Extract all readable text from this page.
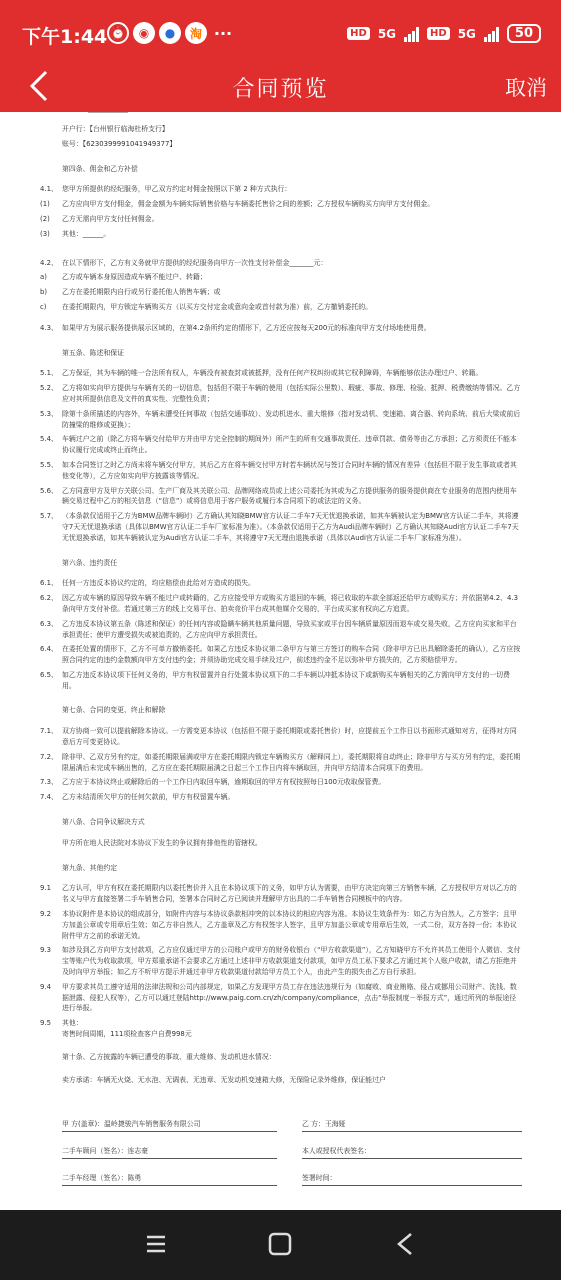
下午1:44 ⏰	◉	●	淘 ···	HD 5G	HD 5G	50
合同预览	取消
开户行：【台州银行临海杜桥支行】
账号：【6230399991041949377】
第四条、佣金和乙方补偿
4.1、 您甲方所提供的经纪服务，甲乙双方约定对佣金按照以下第 2 种方式执行：
(1)	乙方应向甲方支付佣金，佣金金额为车辆实际销售价格与车辆委托售价之间的差额；乙方授权车辆购买方向甲方支付佣金。
(2)	乙方无需向甲方支付任何佣金。
(3)	其他：______。
4.2、 在以下情形下，乙方有义务就甲方提供的经纪服务向甲方一次性支付补偿金_______元：
a)	乙方或车辆本身原因造成车辆不能过户、转籍；
b)	乙方在委托期限内自行或另行委托他人销售车辆；或
c)	在委托期限内，甲方锁定车辆购买方（以买方交付定金或意向金或首付款为准）前，乙方撤销委托的。
4.3、 如果甲方为展示服务提供展示区域的，在第4.2条所约定的情形下，乙方还应按每天200元的标准向甲方支付场地使用费。
第五条、陈述和保证
5.1、 乙方保证，其为车辆的唯一合法所有权人，车辆没有被查封或被抵押，没有任何产权纠纷或其它权利障碍，车辆能够依法办理过户、转籍。
5.2、 乙方将如实向甲方提供与车辆有关的一切信息，包括但不限于车辆的使用（包括实际公里数）、瑕疵、事故、修理、检验、抵押、税费缴纳等情况。乙方应对其所提供信息及文件的真实性、完整性负责；
5.3、 除第十条所描述的内容外，车辆未遭受任何事故（包括交通事故）、发动机进水、重大维修（指对发动机、变速箱、离合器、转向系统、前后大梁或前后防撞梁的维修或更换）；
5.4、 车辆过户之前（除乙方将车辆交付给甲方并由甲方完全控制的期间外）所产生的所有交通事故责任、违章罚款、债务等由乙方承担；乙方须责任不能本协议履行完成或终止而终止。
5.5、 如本合同签订之时乙方尚未将车辆交付甲方，其后乙方在将车辆交付甲方时若车辆状况与签订合同时车辆的情况有差异（包括但不限于发生事故或者其他变化等），乙方应如实向甲方披露该等情况。
5.6、 乙方同意甲方及甲方关联公司、生产厂商及其关联公司、品牌网络成员或上述公司委托为其或为乙方提供服务的服务提供商在专业服务的范围内使用车辆交易过程中乙方的相关信息（“信息”）或将信息用于客户服务或履行本合同项下的或法定的义务。
5.7、 （本条款仅适用于乙方为BMW品牌车辆时）乙方确认其知晓BMW官方认证二手车7天无忧退换承诺，如其车辆被认定为BMW官方认证二手车，其将遵守7天无忧退换承诺（具体以BMW官方认证二手车厂家标准为准）。（本条款仅适用于乙方为Audi品牌车辆时）乙方确认其知晓Audi官方认证二手车7天无忧退换承诺，如其车辆被认定为Audi官方认证二手车，其将遵守7天无理由退换承诺（具体以Audi官方认证二手车厂家标准为准）。
第六条、违约责任
6.1、 任何一方违反本协议约定的，均应赔偿由此给对方造成的损失。
6.2、 因乙方或车辆的原因导致车辆不能过户或转籍的，乙方应接受甲方或购买方退回的车辆，将已收取的车款全部返还给甲方或购买方；并依据第4.2、4.3条向甲方支付补偿。若通过第三方的线上交易平台、拍卖竞价平台成其他媒介交易的，平台成买家有权向乙方追责。
6.3、 乙方违反本协议第五条（陈述和保证）的任何内容或隐瞒车辆其他质量问题，导致买家或平台因车辆质量原因而退车或交易失败，乙方应向买家和平台承担责任；使甲方遭受损失或被追责的，乙方应向甲方承担责任。
6.4、 在委托处置的情形下，乙方不可单方撤销委托。如果乙方违反本协议第二条甲方与第三方签订的购车合同（除非甲方已出具解除委托的确认），乙方应按照合同约定的违约金数额向甲方支付违约金；并须协助完成交易手续及过户，前述违约金不足以弥补甲方损失的，乙方须赔偿甲方。
6.5、 如乙方违反本协议项下任何义务的，甲方有权留置并自行处置本协议项下的二手车辆以冲抵本协议下或新购买车辆相关的乙方需向甲方支付的一切费用。
第七条、合同的变更、终止和解除
7.1、 双方协商一致可以提前解除本协议。一方需变更本协议（包括但不限于委托期限或委托售价）时，应提前五个工作日以书面形式通知对方，征得对方同意后方可变更协议。
7.2、 除非甲、乙双方另有约定，如委托期限届满或甲方在委托期限内锁定车辆购买方（解释同上），委托期限将自动终止；除非甲方与买方另有约定，委托期限届满后未完成车辆出售的，乙方应在委托期限届满之日起三个工作日内将车辆取回，并向甲方结清本合同项下的费用。
7.3、 乙方应于本协议终止或解除后的一个工作日内取回车辆，逾期取回的甲方有权按照每日100元收取保管费。
7.4、 乙方未结清所欠甲方的任何欠款前，甲方有权留置车辆。
第八条、合同争议解决方式
甲方所在地人民法院对本协议下发生的争议拥有排他性的管辖权。
第九条、其他约定
9.1	乙方认可，甲方有权在委托期限内以委托售价并入且在本协议项下的义务，如甲方认为需要，由甲方决定向第三方销售车辆，乙方授权甲方对以乙方的名义与甲方直接签署二手车销售合同，签署本合同时乙方已阅读并理解甲方出具的二手车销售合同模板中的内容。
9.2	本协议附件是本协议的组成部分，如附件内容与本协议条款相冲突的以本协议的相应内容为准。本协议生效条件为：如乙方为自然人，乙方签字；且甲方加盖公章或专用章后生效；如乙方非自然人，乙方盖章及乙方有权签字人签字，且甲方加盖公章或专用章后生效，一式二份，双方各持一份；本协议附件甲方之前的承诺无效。
9.3	如涉及到乙方向甲方支付款项，乙方应仅通过甲方的公司账户或甲方的财务收银台（“甲方收款渠道”），乙方知晓甲方不允许其员工使用个人微信、支付宝等账户代为收取款项，甲方郑重承诺不会要求乙方通过上述非甲方收款渠道支付款项，如甲方员工私下要求乙方通过其个人账户收款，请乙方拒绝并及时向甲方举报；如乙方不听甲方提示并通过非甲方收款渠道付款给甲方员工个人，由此产生的损失由乙方自行承担。
9.4	甲方要求其员工遵守适用的法律法规和公司内部规定，如果乙方发现甲方员工存在违法违规行为（如腐败、商业贿赂、侵占或挪用公司财产、洗钱、数据泄露、侵犯人权等），乙方可以通过登陆http://www.paig.com.cn/zh/company/compliance，点击“举报制度－举报方式”，通过所列的举报途径进行举报。
9.5	其他：
寄售时间周期，111项检查客户自费998元
第十条、乙方披露的车辆已遭受的事故、重大维修、发动机进水情况：
卖方承诺：车辆无火烧、无水泡、无调表、无违章、无发动机变速箱大修，无保险记录外维修，保证能过户
甲 方(盖章)：温岭捷骏汽车销售服务有限公司	乙 方：王海娅
二手车顾问（签名）：连志豪	本人或授权代表签名：
二手车经理（签名）：陈勇	签署时间：
